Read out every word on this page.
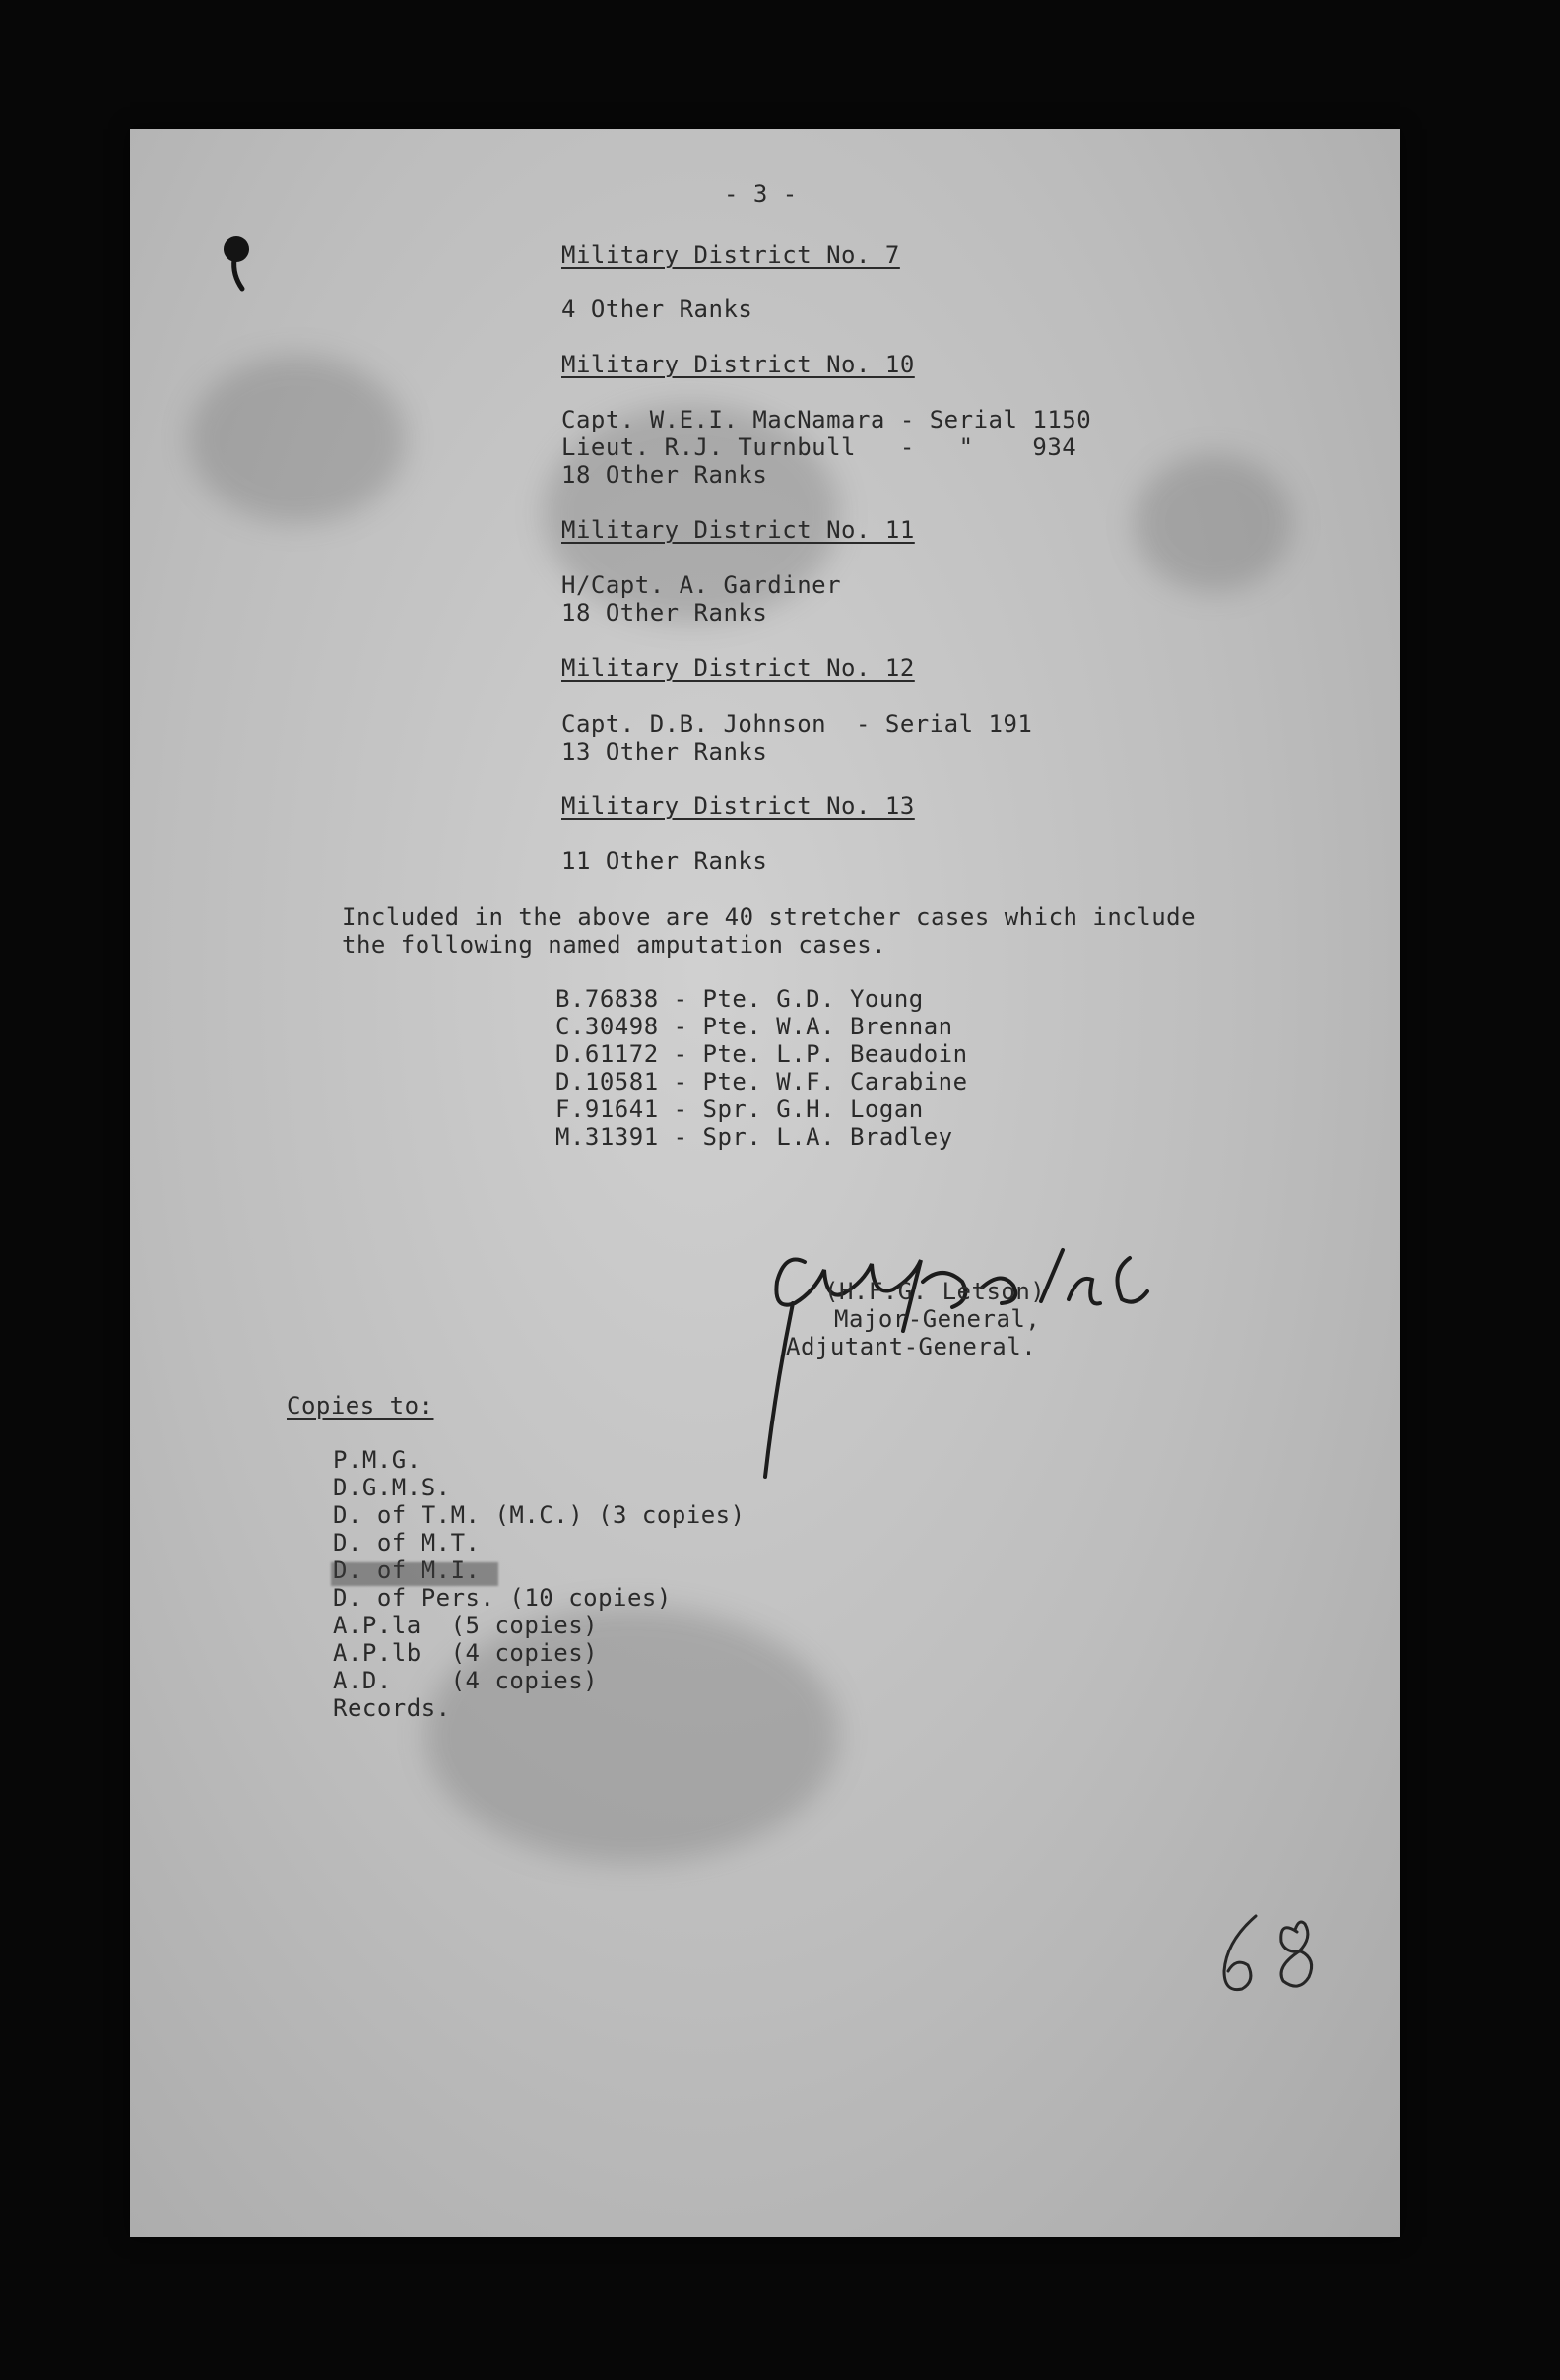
- 3 -
Military District No. 7
4 Other Ranks
Military District No. 10
Capt. W.E.I. MacNamara - Serial 1150
Lieut. R.J. Turnbull   -   "    934
18 Other Ranks
Military District No. 11
H/Capt. A. Gardiner
18 Other Ranks
Military District No. 12
Capt. D.B. Johnson  - Serial 191
13 Other Ranks
Military District No. 13
11 Other Ranks
Included in the above are 40 stretcher cases which include
the following named amputation cases.
B.76838 - Pte. G.D. Young
C.30498 - Pte. W.A. Brennan
D.61172 - Pte. L.P. Beaudoin
D.10581 - Pte. W.F. Carabine
F.91641 - Spr. G.H. Logan
M.31391 - Spr. L.A. Bradley
(H.F.G. Letson)
Major-General,
Adjutant-General.
Copies to:
P.M.G.
D.G.M.S.
D. of T.M. (M.C.) (3 copies)
D. of M.T.
D. of M.I.
D. of Pers. (10 copies)
A.P.la  (5 copies)
A.P.lb  (4 copies)
A.D.    (4 copies)
Records.
